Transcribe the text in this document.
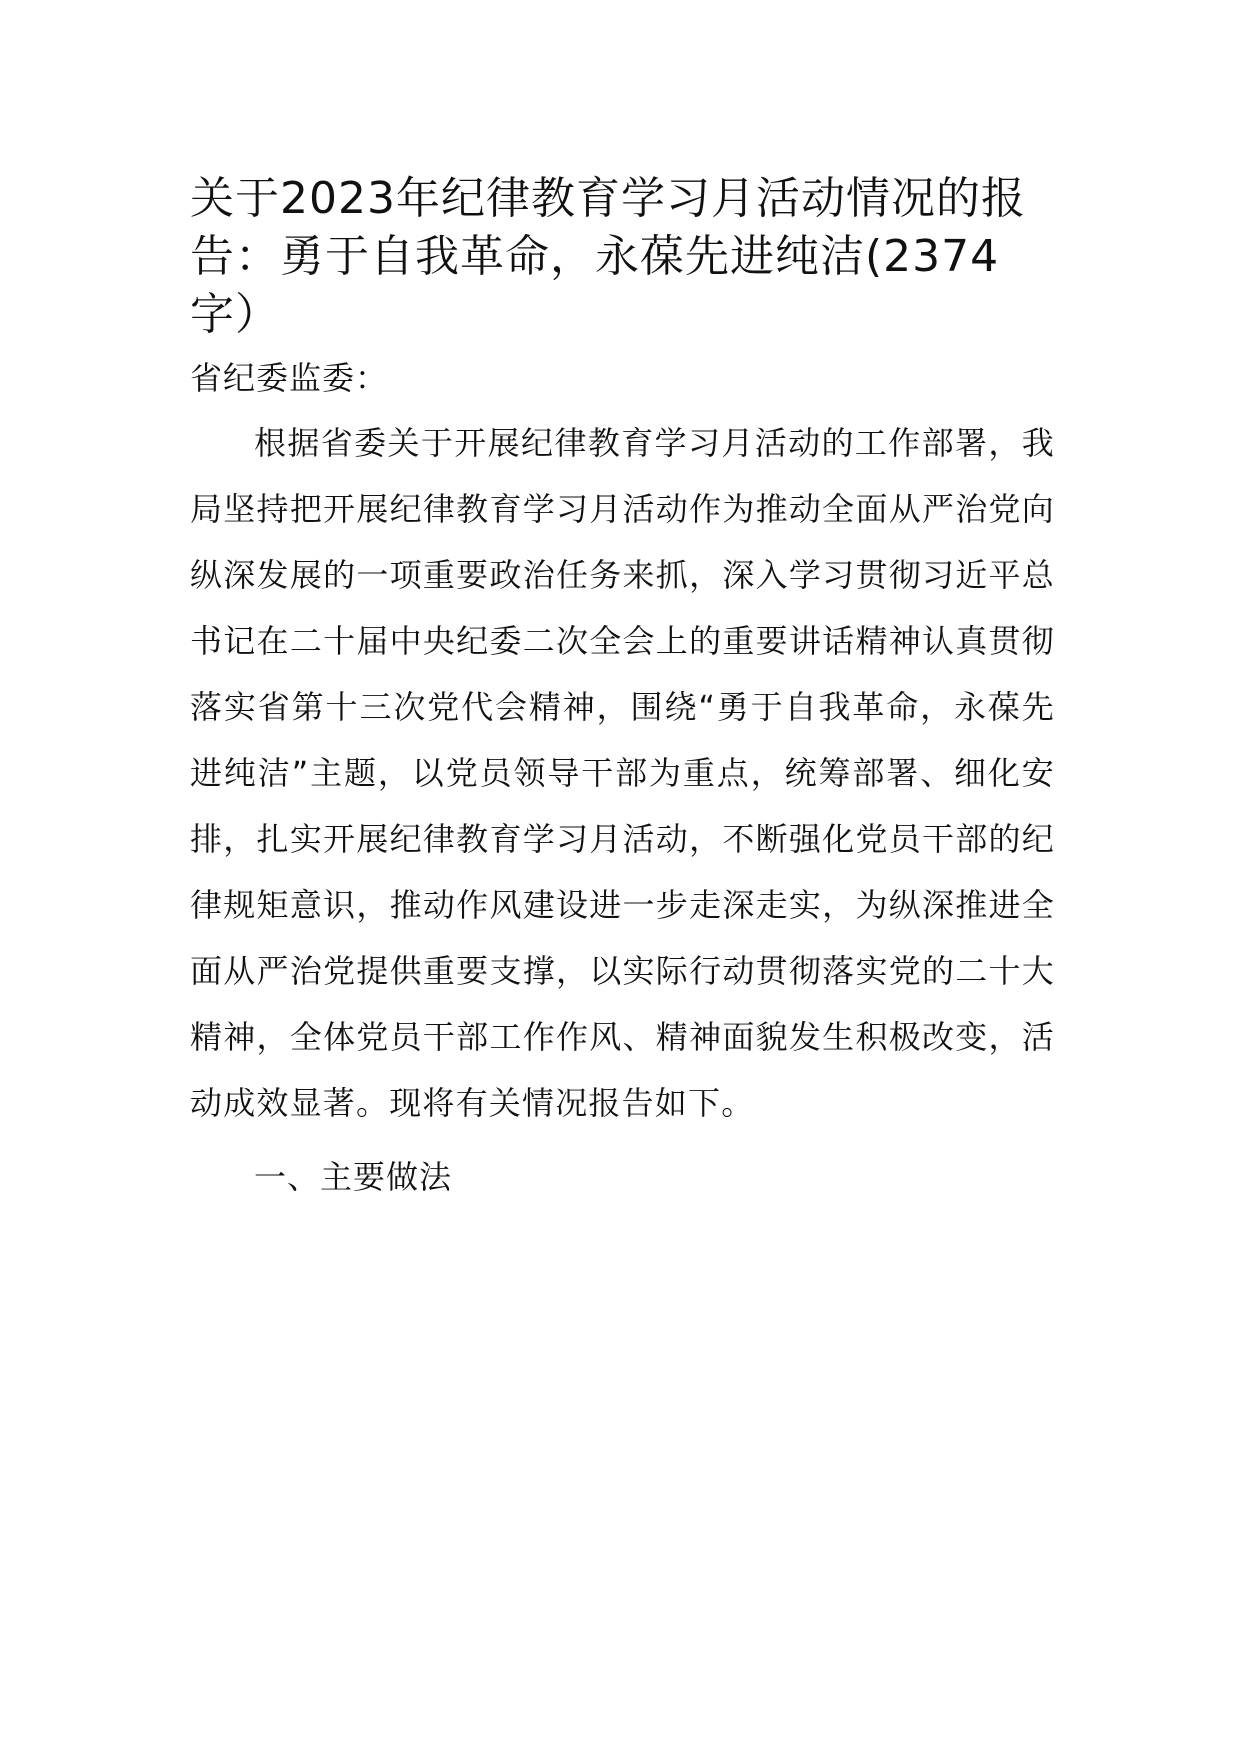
关于2023年纪律教育学习月活动情况的报告：勇于自我革命，永葆先进纯洁(2374字）

省纪委监委：

根据省委关于开展纪律教育学习月活动的工作部署，我局坚持把开展纪律教育学习月活动作为推动全面从严治党向纵深发展的一项重要政治任务来抓，深入学习贯彻习近平总书记在二十届中央纪委二次全会上的重要讲话精神认真贯彻落实省第十三次党代会精神，围绕“勇于自我革命，永葆先进纯洁”主题，以党员领导干部为重点，统筹部署、细化安排，扎实开展纪律教育学习月活动，不断强化党员干部的纪律规矩意识，推动作风建设进一步走深走实，为纵深推进全面从严治党提供重要支撑，以实际行动贯彻落实党的二十大精神，全体党员干部工作作风、精神面貌发生积极改变，活动成效显著。现将有关情况报告如下。

一、主要做法
